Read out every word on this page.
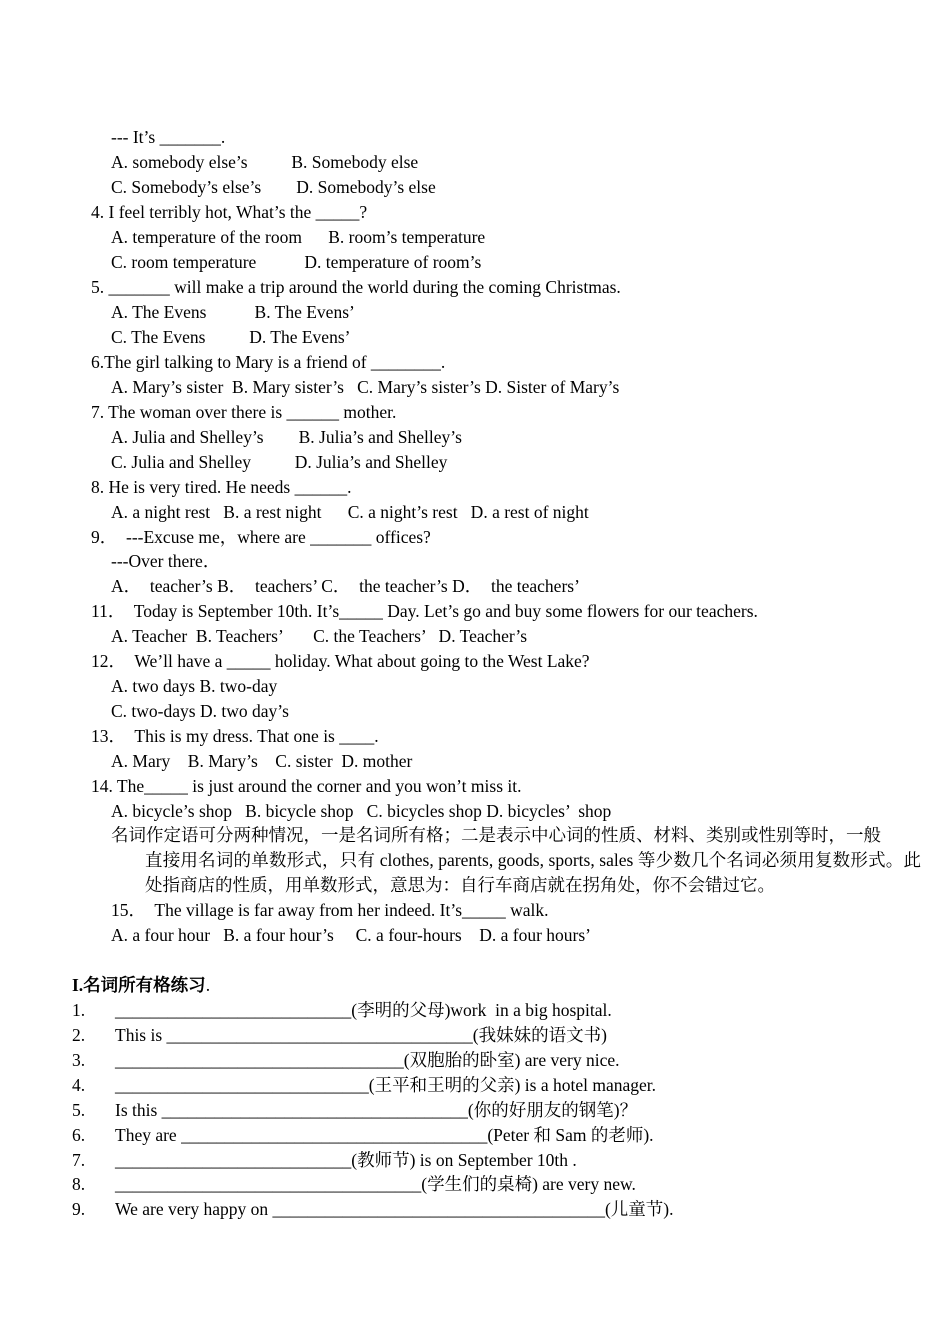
--- It’s _______.
A. somebody else’s          B. Somebody else
C. Somebody’s else’s        D. Somebody’s else
4. I feel terribly hot, What’s the _____?
A. temperature of the room      B. room’s temperature
C. room temperature           D. temperature of room’s
5. _______ will make a trip around the world during the coming Christmas.
A. The Evens           B. The Evens’
C. The Evens          D. The Evens’
6.The girl talking to Mary is a friend of ________.
A. Mary’s sister  B. Mary sister’s   C. Mary’s sister’s D. Sister of Mary’s
7. The woman over there is ______ mother.
A. Julia and Shelley’s        B. Julia’s and Shelley’s
C. Julia and Shelley          D. Julia’s and Shelley
8. He is very tired. He needs ______.
A. a night rest   B. a rest night      C. a night’s rest   D. a rest of night
9．  ---Excuse me，where are _______ offices?
---Over there．
A．  teacher’s B．  teachers’ C．  the teacher’s D．  the teachers’
11．  Today is September 10th. It’s_____ Day. Let’s go and buy some flowers for our teachers.
A. Teacher  B. Teachers’       C. the Teachers’   D. Teacher’s
12．  We’ll have a _____ holiday. What about going to the West Lake?
A. two days B. two-day
C. two-days D. two day’s
13．  This is my dress. That one is ____.
A. Mary    B. Mary’s    C. sister  D. mother
14. The_____ is just around the corner and you won’t miss it.
A. bicycle’s shop   B. bicycle shop   C. bicycles shop D. bicycles’  shop
名词作定语可分两种情况，一是名词所有格；二是表示中心词的性质、材料、类别或性别等时，一般
直接用名词的单数形式，只有 clothes, parents, goods, sports, sales 等少数几个名词必须用复数形式。此处指商店的性质，用单数形式，意思为：自行车商店就在拐角处，你不会错过它。
15．  The village is far away from her indeed. It’s_____ walk.
A. a four hour   B. a four hour’s     C. a four-hours    D. a four hours’
I.名词所有格练习.
1. ___________________________(李明的父母)work  in a big hospital.
2. This is ___________________________________(我妹妹的语文书)
3. _________________________________(双胞胎的卧室) are very nice.
4. _____________________________(王平和王明的父亲) is a hotel manager.
5. Is this ___________________________________(你的好朋友的钢笔)？
6. They are ___________________________________(Peter 和 Sam 的老师).
7. ___________________________(教师节) is on September 10th .
8. ___________________________________(学生们的桌椅) are very new.
9. We are very happy on ______________________________________(儿童节).
